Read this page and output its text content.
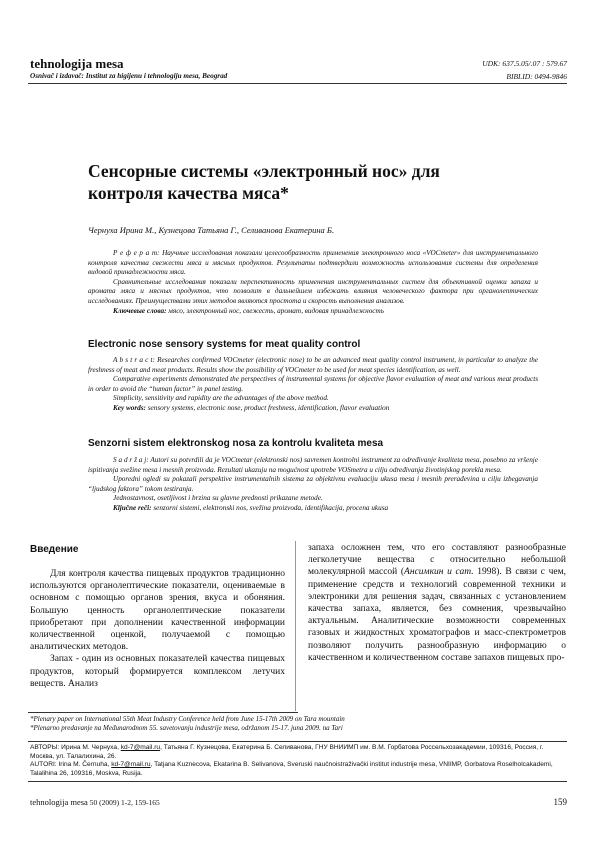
tehnologija mesa
Osnivač i izdavač: Institut za higijenu i tehnologiju mesa, Beograd
UDK: 637.5.05/.07 : 579.67
BIBLID: 0494-9846
Сенсорные системы «электронный нос» для контроля качества мяса*
Чернуха Ирина М., Кузнецова Татьяна Г., Селиванова Екатерина Б.
Р е ф е р а т: Научные исследования показали целесообразность применения электронного носа «VOCmeter» для инструментального контроля качества свежести мяса и мясных продуктов. Результаты подтвердили возможность использования системы для определения видовой принадлежности мяса.
Сравнительные исследования показали перспективность применения инструментальных систем для объективной оценки запаха и аромата мяса и мясных продуктов, что позволит в дальнейшем избежать влияния человеческого фактора при органолептических исследованиях. Преимуществами этих методов являются простота и скорость выполнения анализов.
Ключевые слова: мясо, электронный нос, свежесть, аромат, видовая принадлежность
Electronic nose sensory systems for meat quality control
A b s t r a c t: Researches confirmed VOCmeter (electronic nose) to be an advanced meat quality control instrument, in particular to analyze the freshness of meat and meat products. Results show the possibility of VOCmeter to be used for meat species identification, as well.
Comparative experiments demonstrated the perspectives of instrumental systems for objective flavor evaluation of meat and various meat products in order to avoid the “human factor” in panel testing.
Simplicity, sensitivity and rapidity are the advantages of the above method.
Key words: sensory systems, electronic nose, product freshness, identification, flavor evaluation
Senzorni sistem elektronskog nosa za kontrolu kvaliteta mesa
S a d r ž a j: Autori su potvrdili da je VOCmetar (elektronski nos) savremen kontrolni instrument za određivanje kvaliteta mesa, posebno za vršenje ispitivanja svežine mesa i mesnih proizvoda. Rezultati ukazuju na mogućnost upotrebe VOSmetra u cilju određivanja životinjskog porekla mesa.
Uporedni ogledi su pokazali perspektive instrumentalnih sistema za objektivnu evaluaciju ukusa mesa i mesnih prerađevina u cilju izbegavanja “ljudskog faktora” tokom testiranja.
Jednostavnost, osetljivost i brzina su glavne prednosti prikazane metode.
Ključne reči: senzorni sistemi, elektronski nos, svežina proizvoda, identifikacija, procena ukusa
Введение

Для контроля качества пищевых продуктов традиционно используются органолептические показатели, оцениваемые в основном с помощью органов зрения, вкуса и обоняния. Большую ценность органолептические показатели приобретают при дополнении качественной информации количественной оценкой, получаемой с помощью аналитических методов.

Запах - один из основных показателей качества пищевых продуктов, который формируется комплексом летучих веществ. Анализ

запаха осложнен тем, что его составляют разнообразные легколетучие вещества с относительно небольшой молекулярной массой (Ансимкин и сат. 1998). В связи с чем, применение средств и технологий современной техники и электроники для решения задач, связанных с установлением качества запаха, является, без сомнения, чрезвычайно актуальным. Аналитические возможности современных газовых и жидкостных хроматографов и масс-спектрометров позволяют получить разнообразную информацию о качественном и количественном составе запахов пищевых про-

*Plenary paper on International 55th Meat Industry Conference held from June 15-17th 2009 on Tara mountain
*Plenarno predavanje na Međunarodnom 55. savetovanju industrije mesa, održanom 15-17. juna 2009. na Tari
АВТОРЫ: Ирина М. Чернуха, kd-7@mail.ru, Татьяна Г. Кузнецова, Екатерина Б. Селиванова, ГНУ ВНИИМП им. В.М. Горбатова Россельхозакадемии, 109316, Россия, г. Москва, ул. Талалихина, 26.
AUTORI: Irina M. Černuha, kd-7@mail.ru, Tatjana Kuznecova, Ekatarina B. Selivanova, Sveruski naučnoistraživački institut industrije mesa, VNIIMP, Gorbatova Roselholcakademi, Talalihina 26, 109316, Moskva, Rusija.
tehnologija mesa 50 (2009) 1-2, 159-165	159
